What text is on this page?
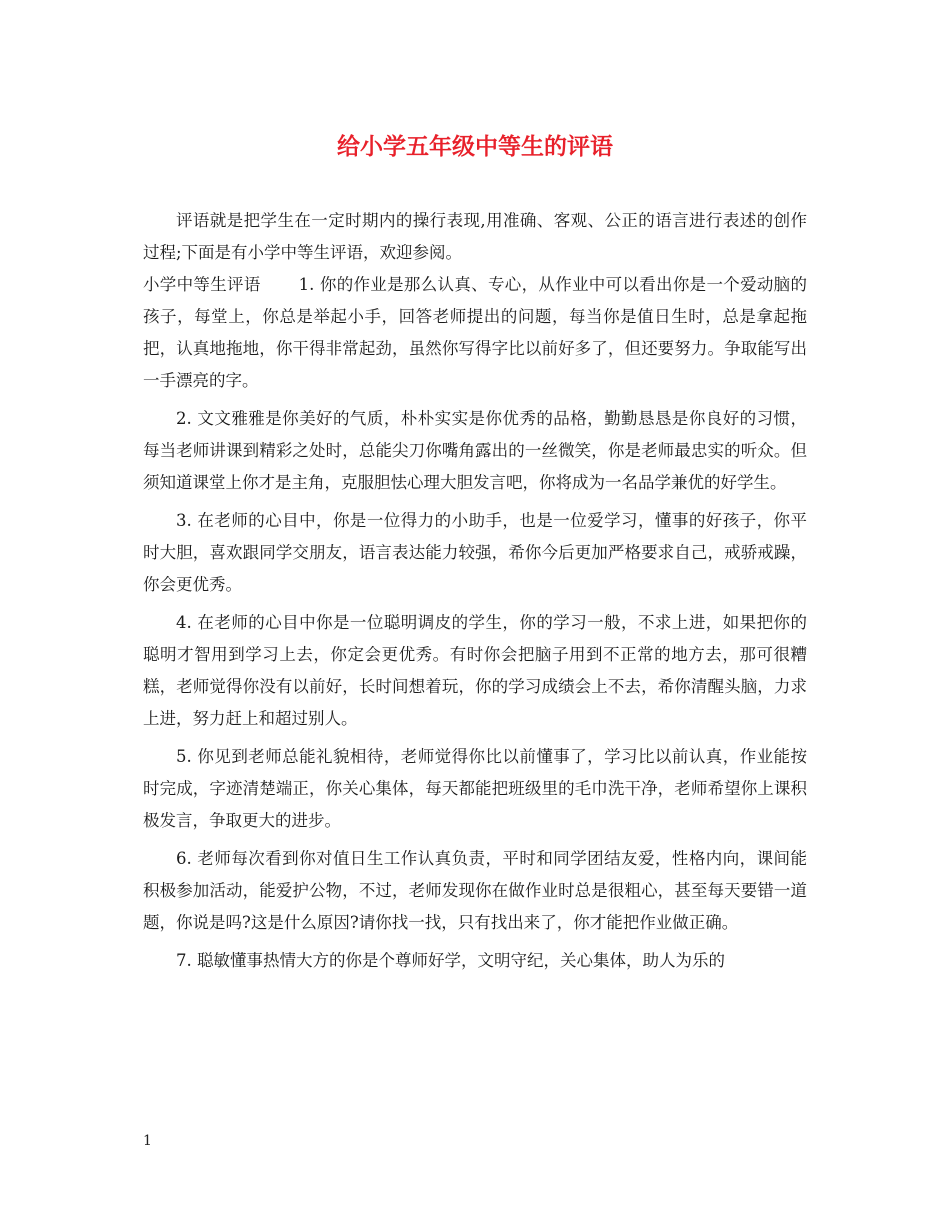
给小学五年级中等生的评语

评语就是把学生在一定时期内的操行表现,用准确、客观、公正的语言进行表述的创作过程;下面是有小学中等生评语，欢迎参阅。

小学中等生评语 1. 你的作业是那么认真、专心，从作业中可以看出你是一个爱动脑的孩子，每堂上，你总是举起小手，回答老师提出的问题，每当你是值日生时，总是拿起拖把，认真地拖地，你干得非常起劲，虽然你写得字比以前好多了，但还要努力。争取能写出一手漂亮的字。

2. 文文雅雅是你美好的气质，朴朴实实是你优秀的品格，勤勤恳恳是你良好的习惯，每当老师讲课到精彩之处时，总能尖刀你嘴角露出的一丝微笑，你是老师最忠实的听众。但须知道课堂上你才是主角，克服胆怯心理大胆发言吧，你将成为一名品学兼优的好学生。

3. 在老师的心目中，你是一位得力的小助手，也是一位爱学习，懂事的好孩子，你平时大胆，喜欢跟同学交朋友，语言表达能力较强，希你今后更加严格要求自己，戒骄戒躁，你会更优秀。

4. 在老师的心目中你是一位聪明调皮的学生，你的学习一般，不求上进，如果把你的聪明才智用到学习上去，你定会更优秀。有时你会把脑子用到不正常的地方去，那可很糟糕，老师觉得你没有以前好，长时间想着玩，你的学习成绩会上不去，希你清醒头脑，力求上进，努力赶上和超过别人。

5. 你见到老师总能礼貌相待，老师觉得你比以前懂事了，学习比以前认真，作业能按时完成，字迹清楚端正，你关心集体，每天都能把班级里的毛巾洗干净，老师希望你上课积极发言，争取更大的进步。

6. 老师每次看到你对值日生工作认真负责，平时和同学团结友爱，性格内向，课间能积极参加活动，能爱护公物，不过，老师发现你在做作业时总是很粗心，甚至每天要错一道题，你说是吗?这是什么原因?请你找一找，只有找出来了，你才能把作业做正确。

7. 聪敏懂事热情大方的你是个尊师好学，文明守纪，关心集体，助人为乐的

1
